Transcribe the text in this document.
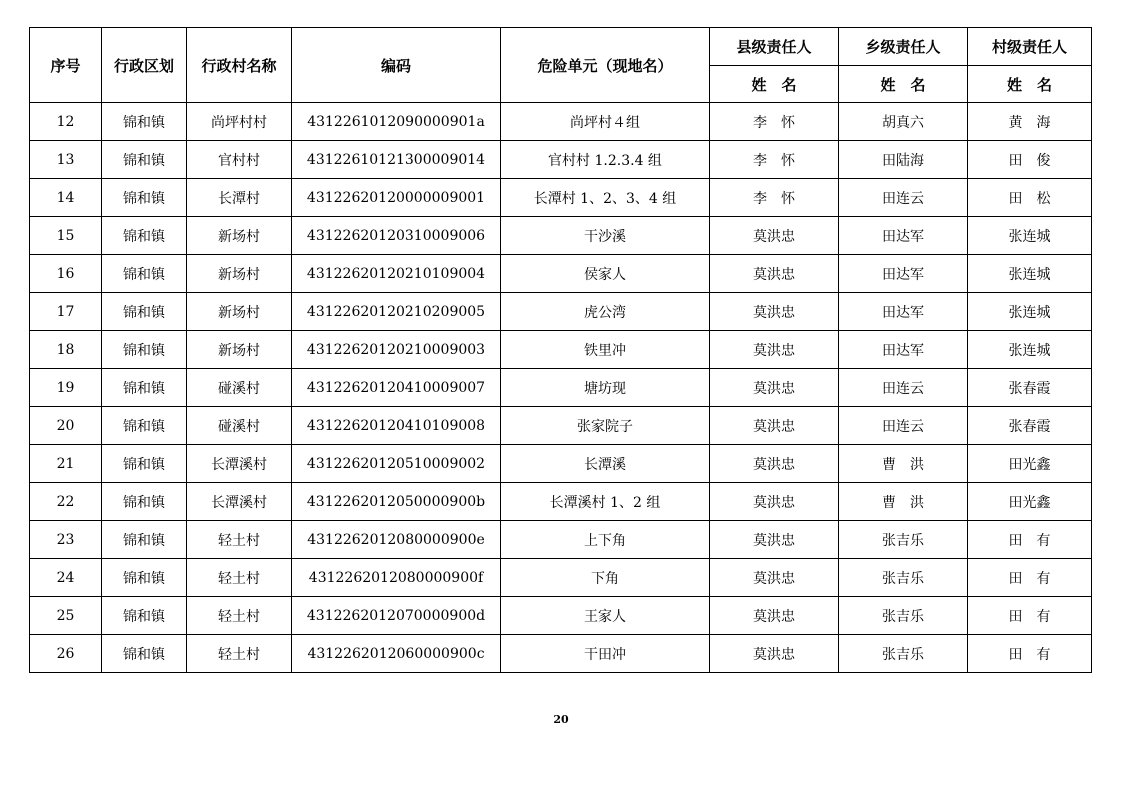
序号	行政区划	行政村名称	编码	危险单元（现地名）	县级责任人	乡级责任人	村级责任人
					姓　名	姓　名	姓　名
12	锦和镇	尚坪村村	4312261012090000901a	尚坪村４组	李　怀	胡真六	黄　海
13	锦和镇	官村村	4312261012130000901​4	官村村 1.2.3.4 组	李　怀	田陆海	田　俊
14	锦和镇	长潭村	43122620120000009001	长潭村 1、2、3、4 组	李　怀	田连云	田　松
15	锦和镇	新场村	43122620120310009006	干沙溪	莫洪忠	田达军	张连城
16	锦和镇	新场村	43122620120210109004	侯家人	莫洪忠	田达军	张连城
17	锦和镇	新场村	43122620120210209005	虎公湾	莫洪忠	田达军	张连城
18	锦和镇	新场村	43122620120210009003	铁里冲	莫洪忠	田达军	张连城
19	锦和镇	碰溪村	43122620120410009007	塘坊现	莫洪忠	田连云	张春霞
20	锦和镇	碰溪村	43122620120410109008	张家院子	莫洪忠	田连云	张春霞
21	锦和镇	长潭溪村	43122620120510009002	长潭溪	莫洪忠	曹　洪	田光鑫
22	锦和镇	长潭溪村	4312262012050000900b	长潭溪村 1、2 组	莫洪忠	曹　洪	田光鑫
23	锦和镇	轻土村	4312262012080000900e	上下角	莫洪忠	张吉乐	田　有
24	锦和镇	轻土村	4312262012080000900f	下角	莫洪忠	张吉乐	田　有
25	锦和镇	轻土村	4312262012070000900d	王家人	莫洪忠	张吉乐	田　有
26	锦和镇	轻土村	4312262012060000900c	干田冲	莫洪忠	张吉乐	田　有
20
